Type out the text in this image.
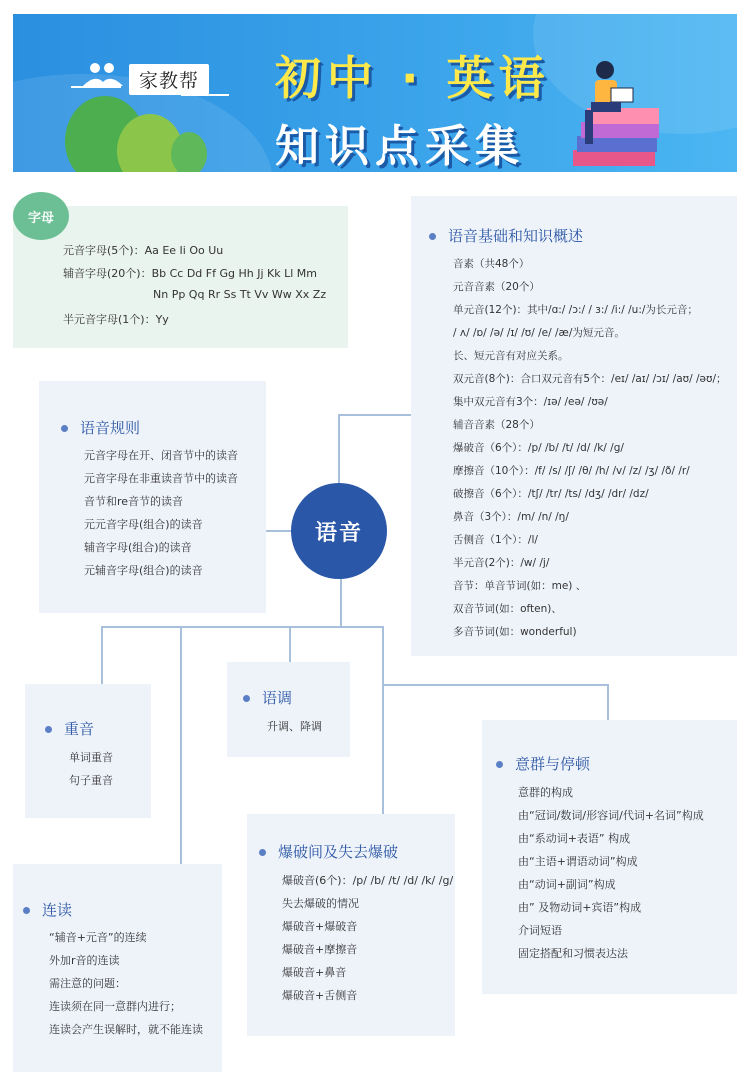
家教帮 初中 · 英语
知识点采集
元音字母(5个)：Aa Ee Ii Oo Uu
辅音字母(20个)：Bb Cc Dd Ff Gg Hh Jj Kk Ll Mm
Nn Pp Qq Rr Ss Tt Vv Ww Xx Zz
半元音字母(1个)：Yy
字母
语音基础和知识概述
音素（共48个）
元音音素（20个）
单元音(12个)：其中/ɑ:/ /ɔ:/ / ɜ:/ /i:/ /u:/为长元音；
/ ʌ/ /ɒ/ /ə/ /ɪ/ /ʊ/ /e/ /æ/为短元音。
长、短元音有对应关系。
双元音(8个)：合口双元音有5个：/eɪ/ /aɪ/ /ɔɪ/ /aʊ/ /əʊ/；
集中双元音有3个：/ɪə/ /eə/ /ʊə/
辅音音素（28个）
爆破音（6个）：/p/ /b/ /t/ /d/ /k/ /g/
摩擦音（10个）：/f/ /s/ /ʃ/ /θ/ /h/ /v/ /z/ /ʒ/ /ð/ /r/
破擦音（6个）：/tʃ/ /tr/ /ts/ /dʒ/ /dr/ /dz/
鼻音（3个）：/m/ /n/ /ŋ/
舌侧音（1个）：/l/
半元音(2个)：/w/ /j/
音节：单音节词(如：me) 、
双音节词(如：often)、
多音节词(如：wonderful)
语音规则
元音字母在开、闭音节中的读音
元音字母在非重读音节中的读音
音节和re音节的读音
元元音字母(组合)的读音
辅音字母(组合)的读音
元辅音字母(组合)的读音
语音
重音
单词重音
句子重音
语调
升调、降调
意群与停顿
意群的构成
由“冠词/数词/形容词/代词+名词”构成
由“系动词+表语” 构成
由“主语+谓语动词”构成
由“动词+副词”构成
由” 及物动词+宾语”构成
介词短语
固定搭配和习惯表达法
爆破间及失去爆破
爆破音(6个)：/p/ /b/ /t/ /d/ /k/ /g/
失去爆破的情况
爆破音+爆破音
爆破音+摩擦音
爆破音+鼻音
爆破音+舌侧音
连读
“辅音+元音”的连续
外加r音的连读
需注意的问题：
连读须在同一意群内进行；
连读会产生误解时，就不能连读
